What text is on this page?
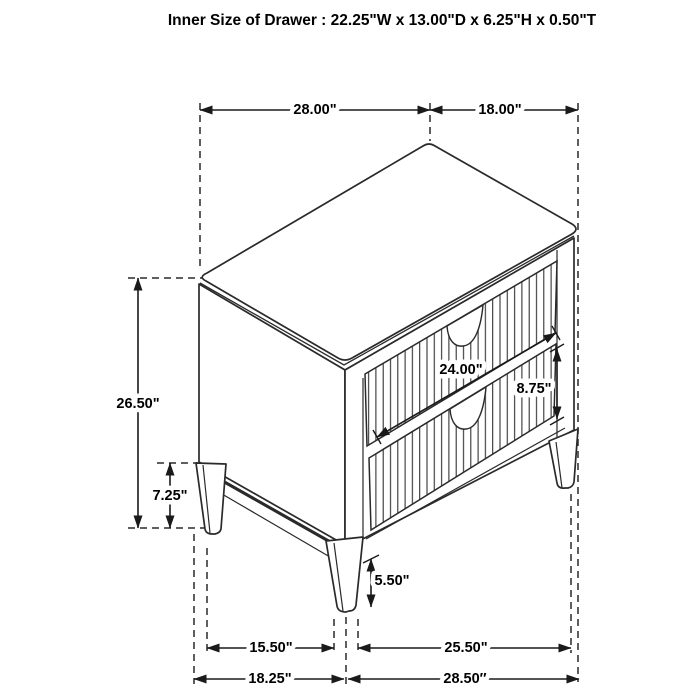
Inner Size of Drawer : 22.25"W x 13.00"D x 6.25"H x 0.50"T
28.00"	18.00"
26.50"
7.25"
24.00"
8.75"
5.50"
15.50"	25.50"
18.25"	28.50″
